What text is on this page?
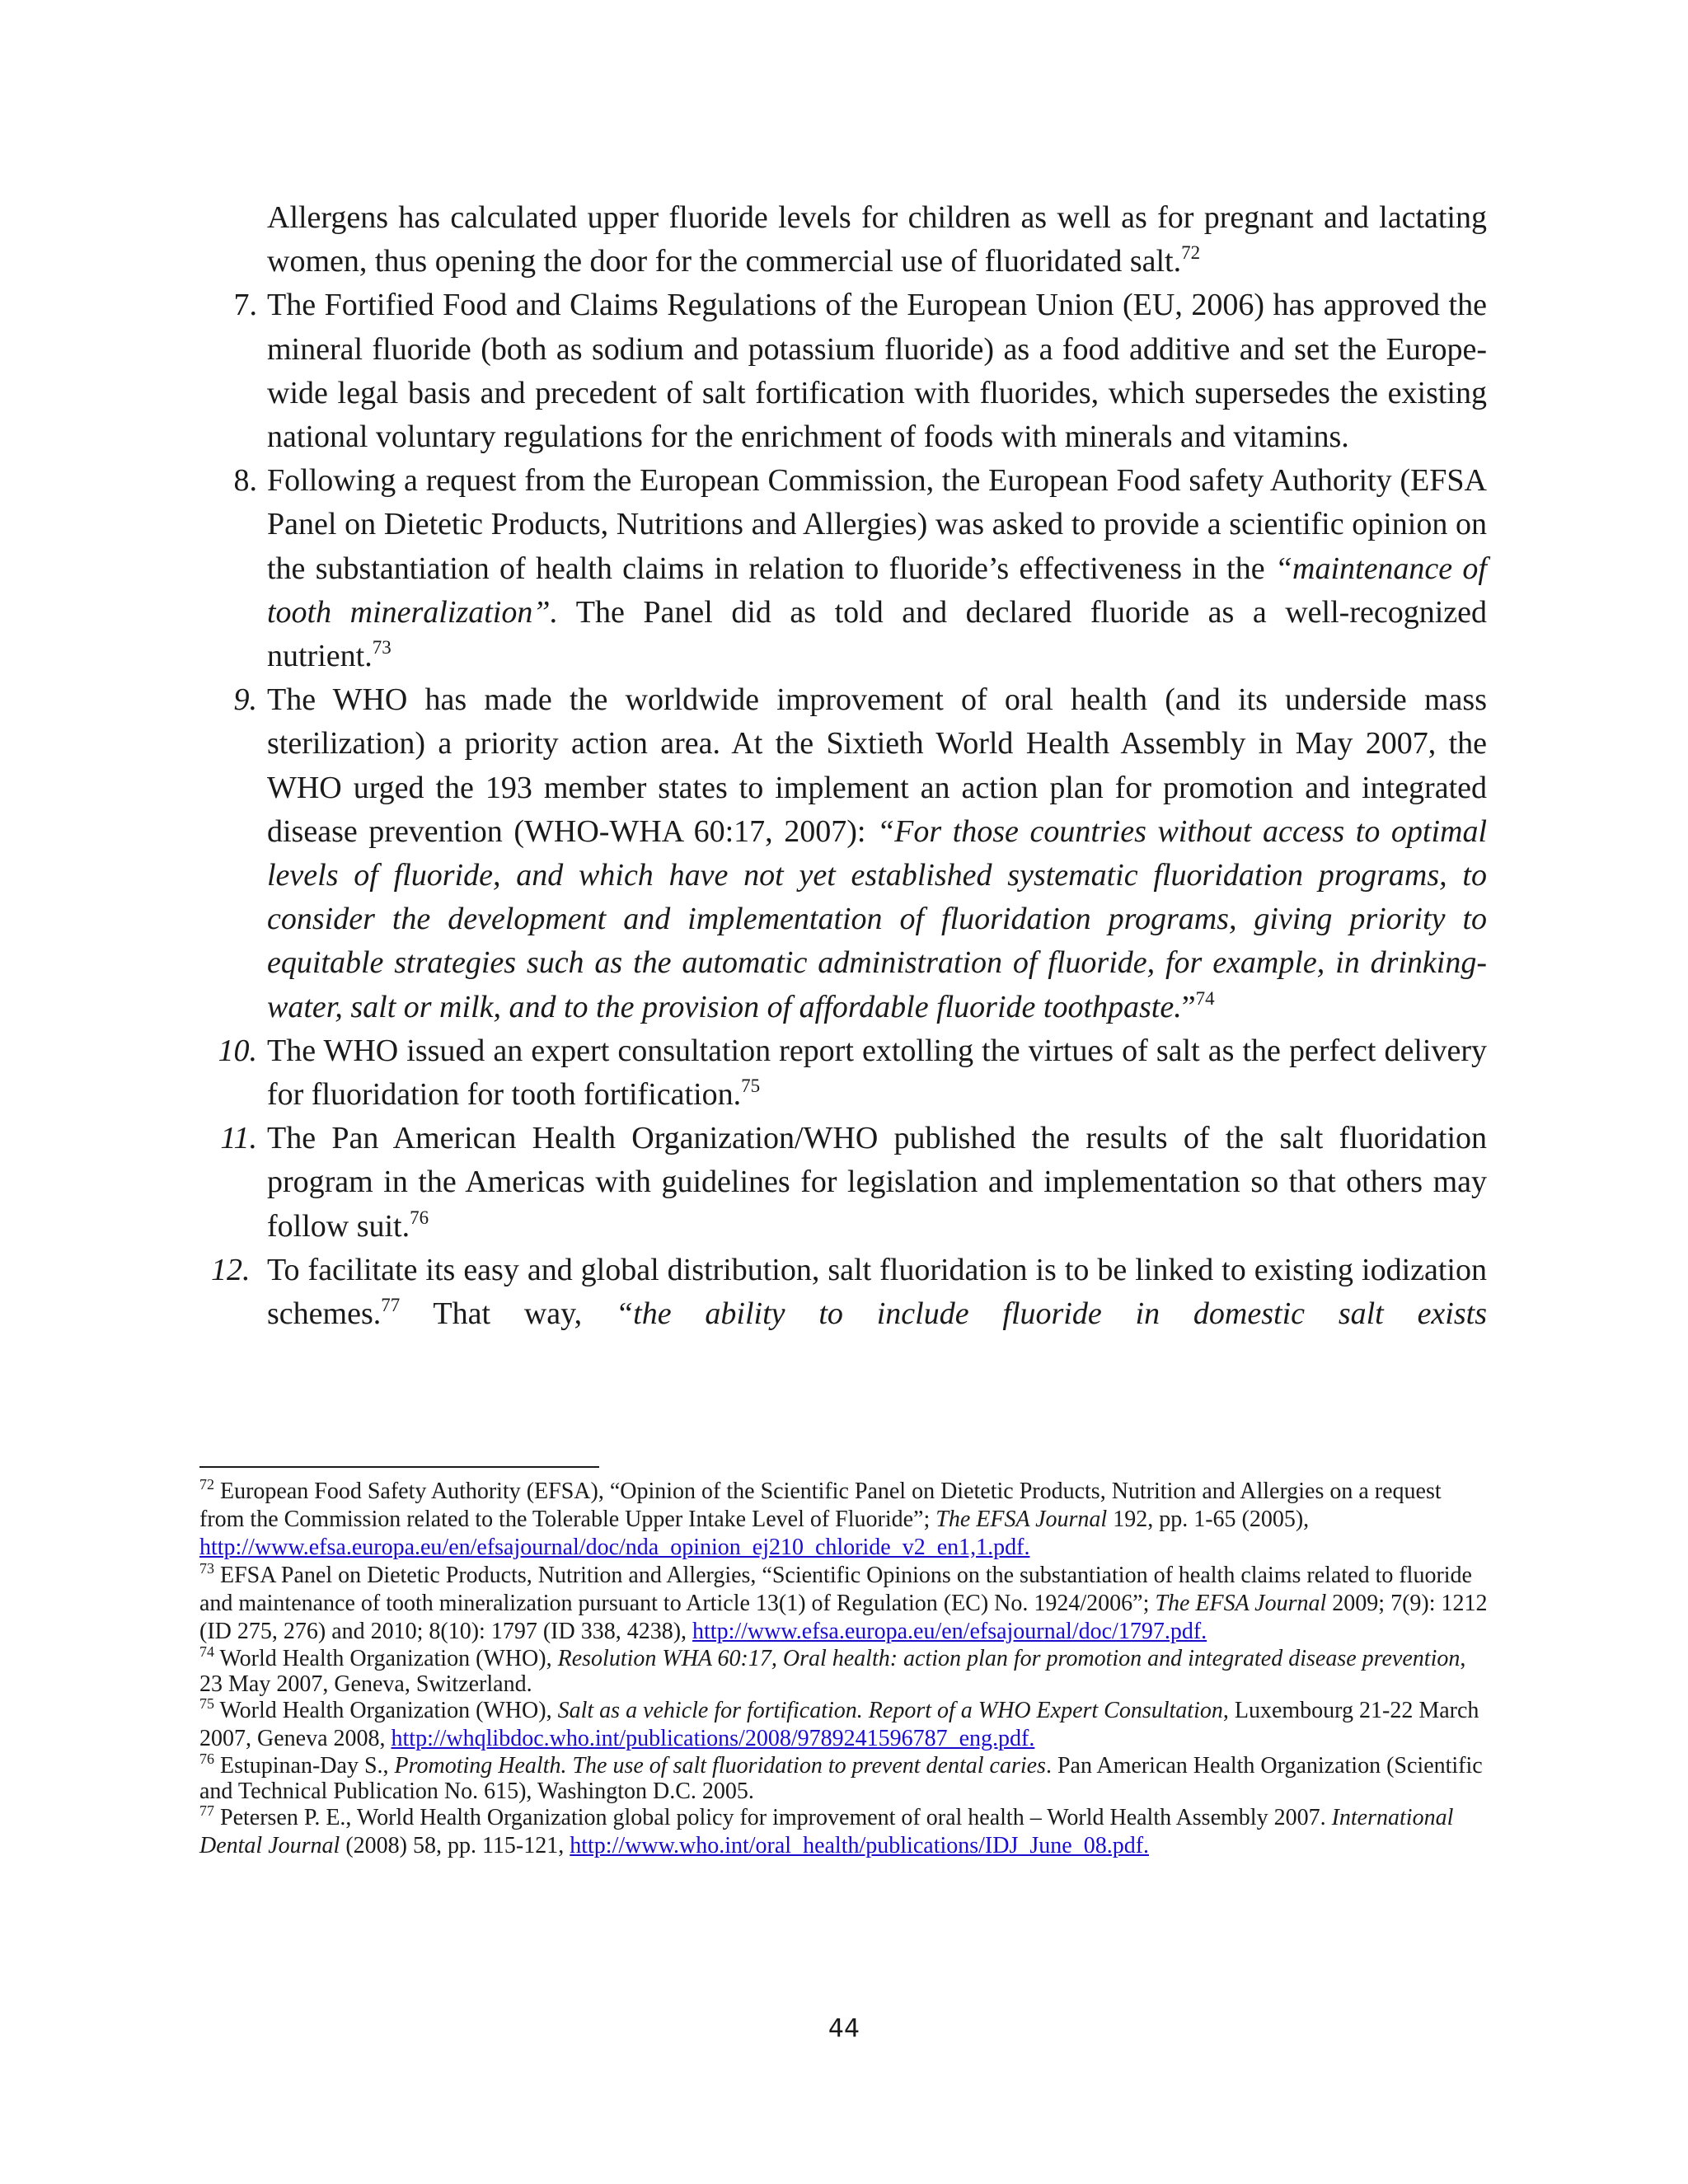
Allergens has calculated upper fluoride levels for children as well as for pregnant and lactating women, thus opening the door for the commercial use of fluoridated salt.$^{72}$

7. The Fortified Food and Claims Regulations of the European Union (EU, 2006) has approved the mineral fluoride (both as sodium and potassium fluoride) as a food additive and set the Europe-wide legal basis and precedent of salt fortification with fluorides, which supersedes the existing national voluntary regulations for the enrichment of foods with minerals and vitamins.

8. Following a request from the European Commission, the European Food safety Authority (EFSA Panel on Dietetic Products, Nutritions and Allergies) was asked to provide a scientific opinion on the substantiation of health claims in relation to fluoride’s effectiveness in the “maintenance of tooth mineralization”. The Panel did as told and declared fluoride as a well-recognized nutrient.$^{73}$

9. The WHO has made the worldwide improvement of oral health (and its underside mass sterilization) a priority action area. At the Sixtieth World Health Assembly in May 2007, the WHO urged the 193 member states to implement an action plan for promotion and integrated disease prevention (WHO-WHA 60:17, 2007): “For those countries without access to optimal levels of fluoride, and which have not yet established systematic fluoridation programs, to consider the development and implementation of fluoridation programs, giving priority to equitable strategies such as the automatic administration of fluoride, for example, in drinking-water, salt or milk, and to the provision of affordable fluoride toothpaste.”$^{74}$

10. The WHO issued an expert consultation report extolling the virtues of salt as the perfect delivery for fluoridation for tooth fortification.$^{75}$

11. The Pan American Health Organization/WHO published the results of the salt fluoridation program in the Americas with guidelines for legislation and implementation so that others may follow suit.$^{76}$

12. To facilitate its easy and global distribution, salt fluoridation is to be linked to existing iodization schemes.$^{77}$ That way, “the ability to include fluoride in domestic salt exists

$^{72}$ European Food Safety Authority (EFSA), “Opinion of the Scientific Panel on Dietetic Products, Nutrition and Allergies on a request from the Commission related to the Tolerable Upper Intake Level of Fluoride”; The EFSA Journal 192, pp. 1-65 (2005), http://www.efsa.europa.eu/en/efsajournal/doc/nda_opinion_ej210_chloride_v2_en1,1.pdf.

$^{73}$ EFSA Panel on Dietetic Products, Nutrition and Allergies, “Scientific Opinions on the substantiation of health claims related to fluoride and maintenance of tooth mineralization pursuant to Article 13(1) of Regulation (EC) No. 1924/2006”; The EFSA Journal 2009; 7(9): 1212 (ID 275, 276) and 2010; 8(10): 1797 (ID 338, 4238), http://www.efsa.europa.eu/en/efsajournal/doc/1797.pdf.

$^{74}$ World Health Organization (WHO), Resolution WHA 60:17, Oral health: action plan for promotion and integrated disease prevention, 23 May 2007, Geneva, Switzerland.

$^{75}$ World Health Organization (WHO), Salt as a vehicle for fortification. Report of a WHO Expert Consultation, Luxembourg 21-22 March 2007, Geneva 2008, http://whqlibdoc.who.int/publications/2008/9789241596787_eng.pdf.

$^{76}$ Estupinan-Day S., Promoting Health. The use of salt fluoridation to prevent dental caries. Pan American Health Organization (Scientific and Technical Publication No. 615), Washington D.C. 2005.

$^{77}$ Petersen P. E., World Health Organization global policy for improvement of oral health – World Health Assembly 2007. International Dental Journal (2008) 58, pp. 115-121, http://www.who.int/oral_health/publications/IDJ_June_08.pdf.

44
